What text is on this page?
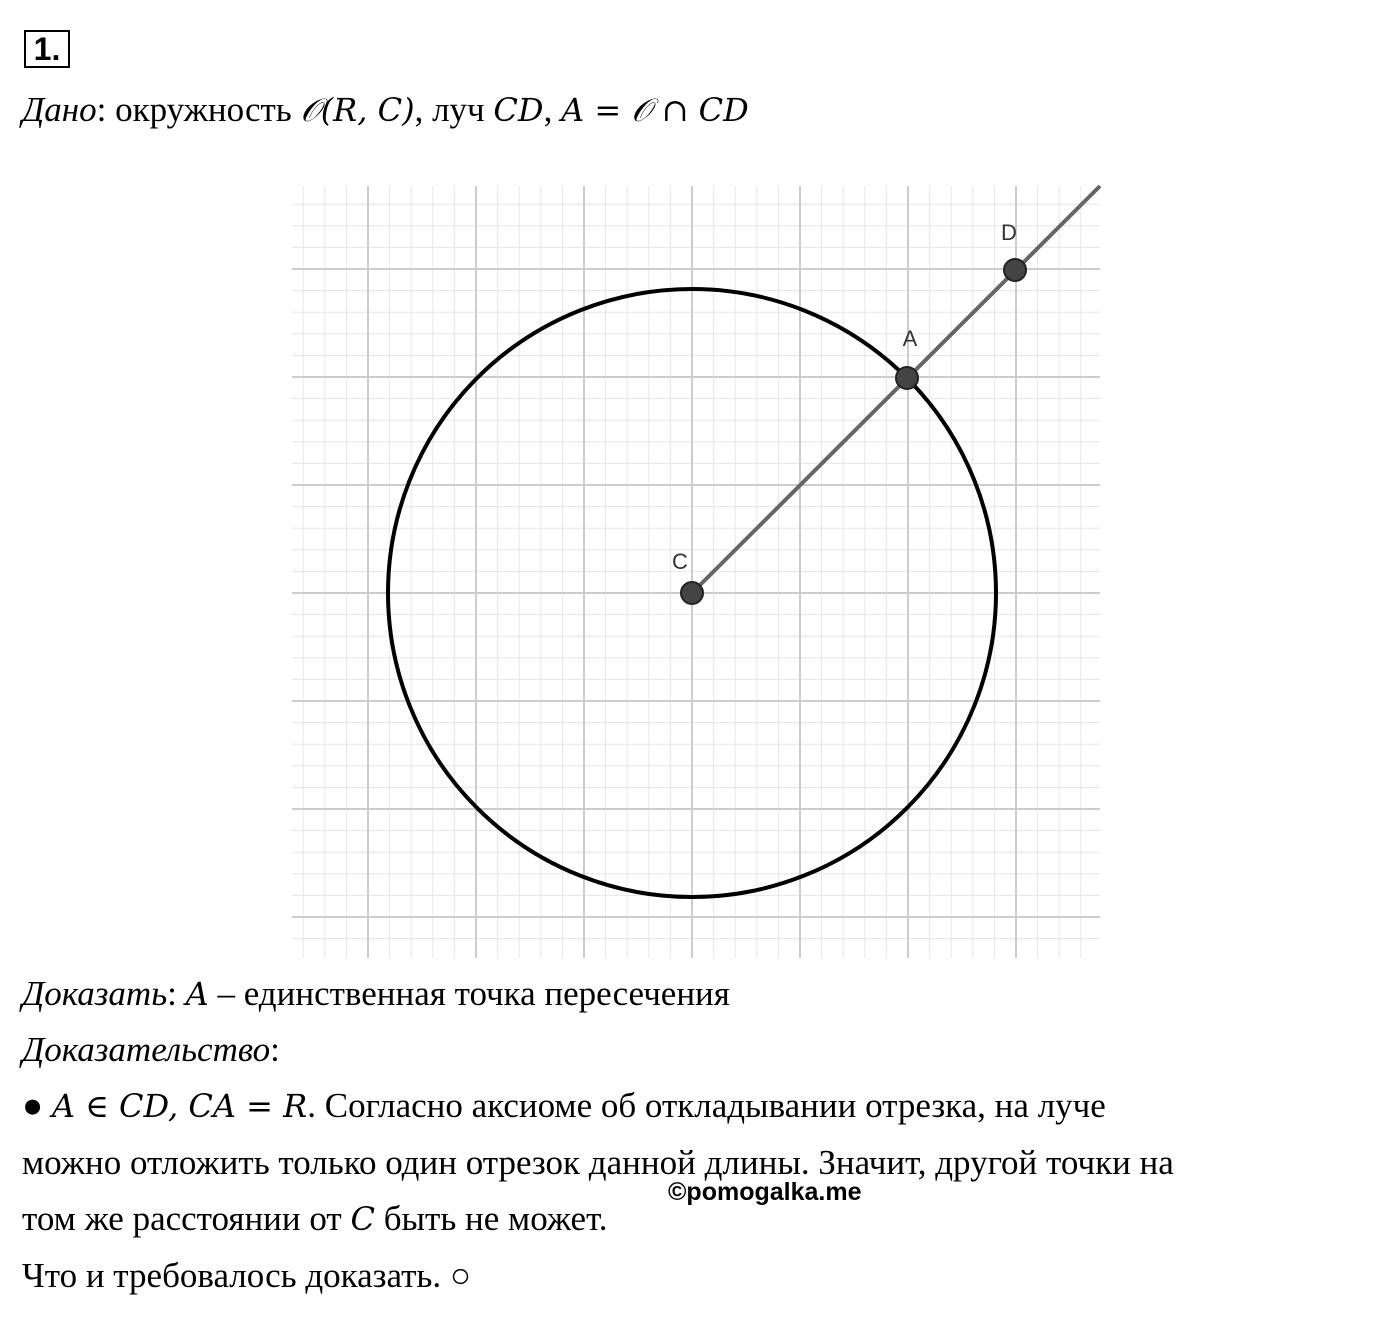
1.
Дано: окружность 𝒪(R, C), луч CD, A = 𝒪 ∩ CD
C
A
D
Доказать: A – единственная точка пересечения
Доказательство:
● A ∈ CD, CA = R. Согласно аксиоме об откладывании отрезка, на луче
можно отложить только один отрезок данной длины. Значит, другой точки на
том же расстоянии от C быть не может.
Что и требовалось доказать. ○
©pomogalka.me
